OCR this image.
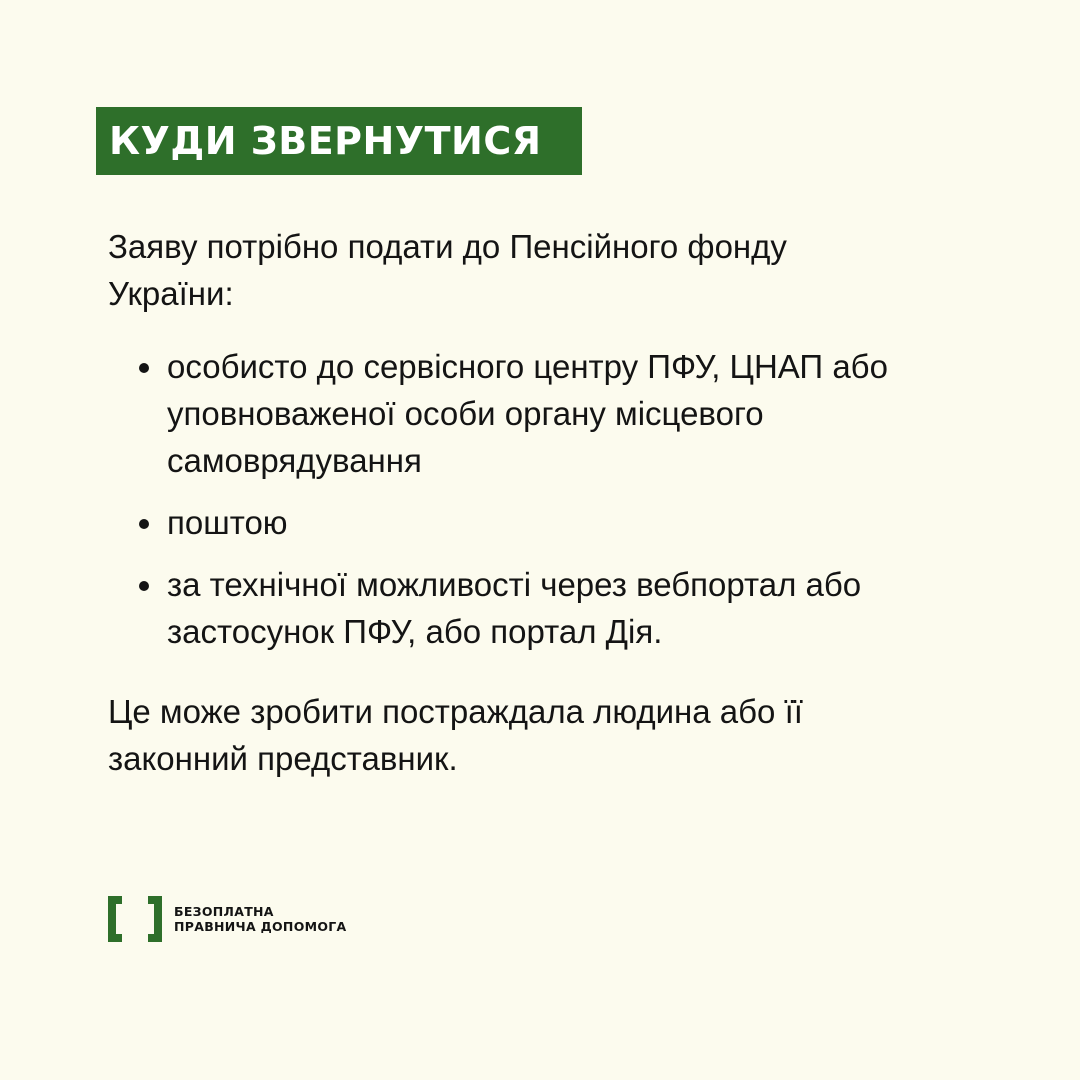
КУДИ ЗВЕРНУТИСЯ

Заяву потрібно подати до Пенсійного фонду України:

особисто до сервісного центру ПФУ, ЦНАП або уповноваженої особи органу місцевого самоврядування
поштою
за технічної можливості через вебпортал або застосунок ПФУ, або портал Дія.

Це може зробити постраждала людина або її законний представник.

БЕЗОПЛАТНА
ПРАВНИЧА ДОПОМОГА
